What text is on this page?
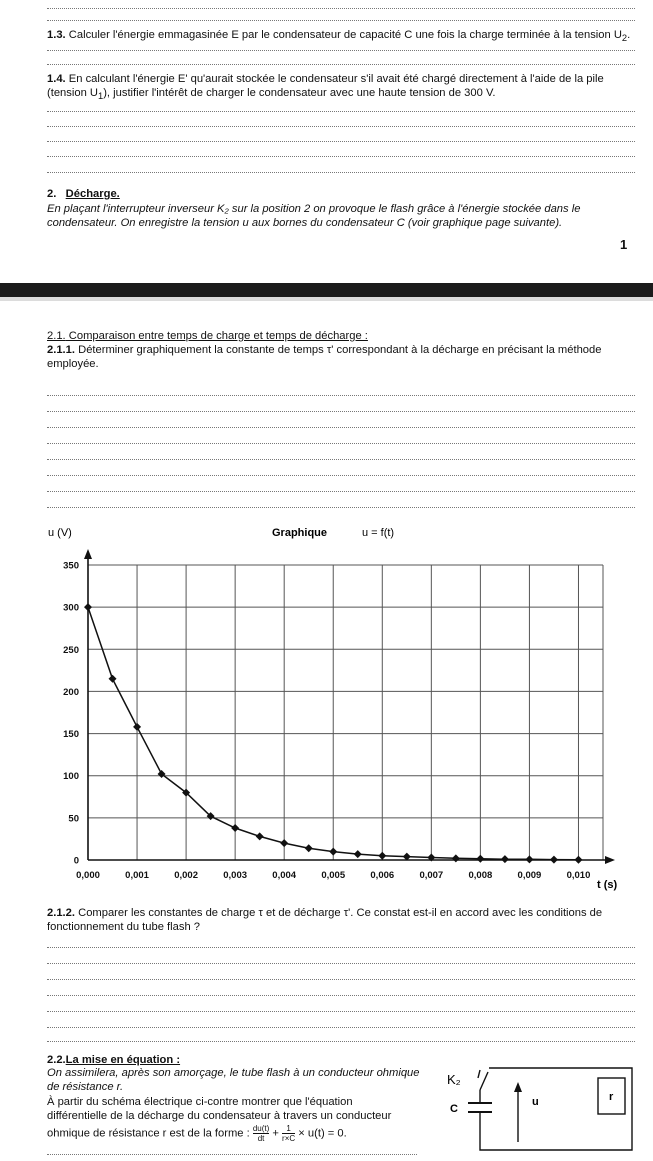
1.3. Calculer l'énergie emmagasinée E par le condensateur de capacité C une fois la charge terminée à la tension $U_2$.
1.4. En calculant l'énergie E' qu'aurait stockée le condensateur s'il avait été chargé directement à l'aide de la pile
(tension $U_1$), justifier l'intérêt de charger le condensateur avec une haute tension de 300 V.
2. Décharge.
En plaçant l'interrupteur inverseur K₂ sur la position 2 on provoque le flash grâce à l'énergie stockée dans le
condensateur. On enregistre la tension u aux bornes du condensateur C (voir graphique page suivante).
1
2.1. Comparaison entre temps de charge et temps de décharge :
2.1.1. Déterminer graphiquement la constante de temps τ' correspondant à la décharge en précisant la méthode
employée.
u (V)	Graphique	u = f(t)
t (s)
0,000	0,001	0,002	0,003	0,004	0,005	0,006	0,007	0,008	0,009	0,010
0
50
100
150
200
250
300
350
2.1.2. Comparer les constantes de charge τ et de décharge τ'. Ce constat est-il en accord avec les conditions de
fonctionnement du tube flash ?
2.2.La mise en équation :
On assimilera, après son amorçage, le tube flash à un conducteur ohmique
de résistance r.
À partir du schéma électrique ci-contre montrer que l'équation
différentielle de la décharge du condensateur à travers un conducteur
ohmique de résistance r est de la forme : $\frac{du(t)}{dt} + \frac{1}{r\times C} \times u(t) = 0$.
K₂
C
u	r
